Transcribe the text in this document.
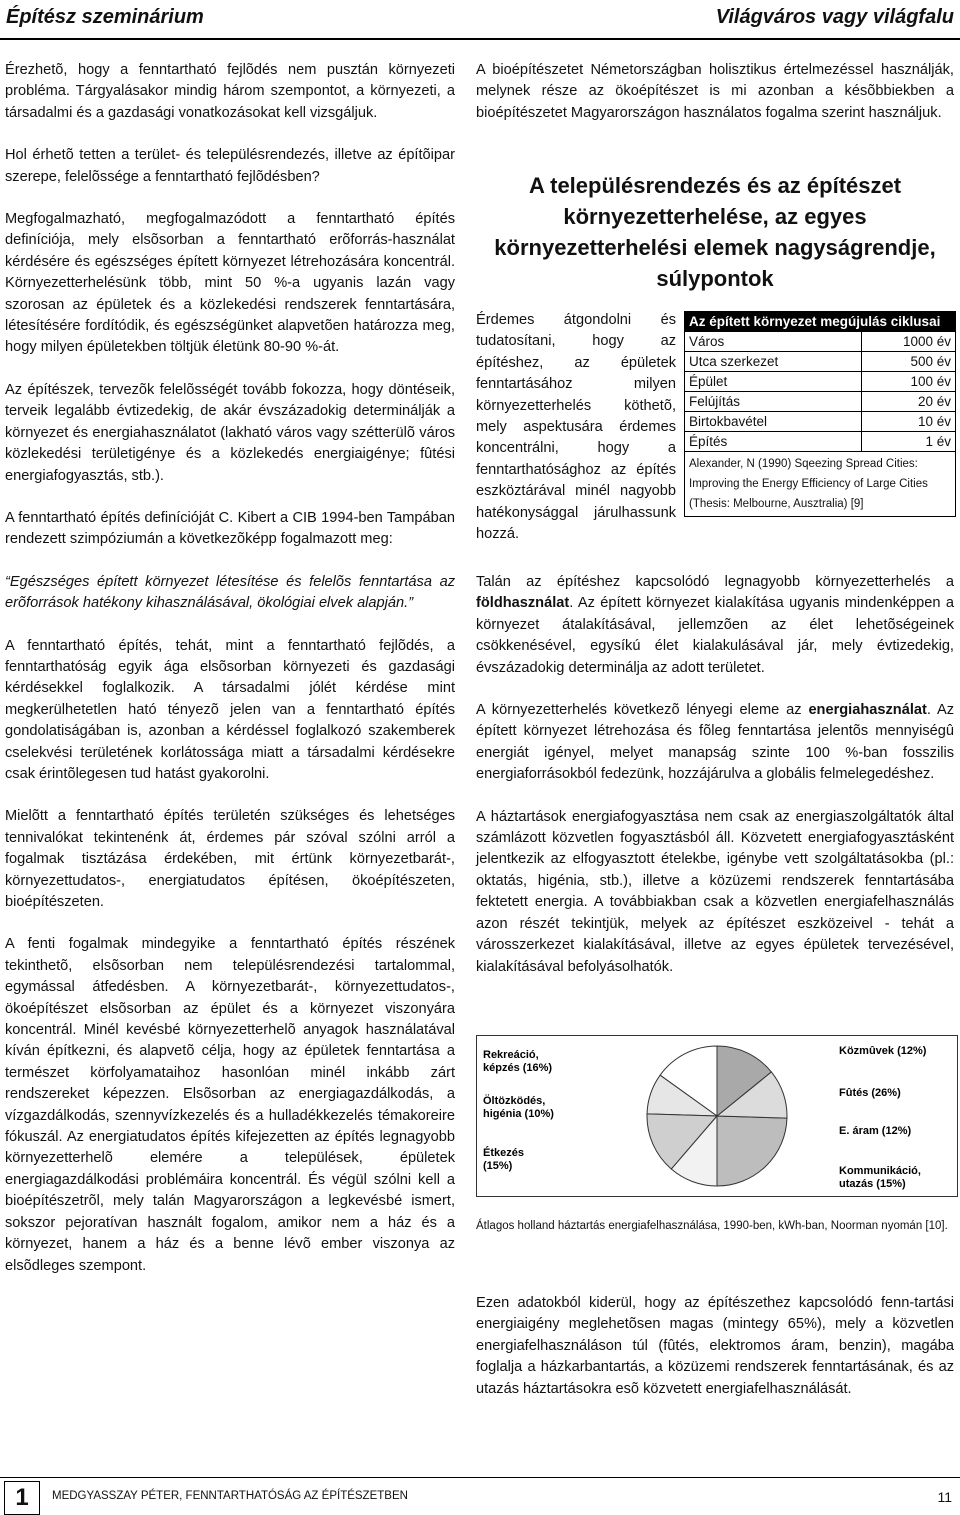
Építész szeminárium	Világváros vagy világfalu

Érezhetõ, hogy a fenntartható fejlõdés nem pusztán környezeti probléma. Tárgyalásakor mindig három szempontot, a környezeti, a társadalmi és a gazdasági vonatkozásokat kell vizsgáljuk.

Hol érhetõ tetten a terület- és településrendezés, illetve az építõipar szerepe, felelõssége a fenntartható fejlõdésben?

Megfogalmazható, megfogalmazódott a fenntartható építés definíciója, mely elsõsorban a fenntartható erõforrás-használat kérdésére és egészséges épített környezet létrehozására koncentrál. Környezetterhelésünk több, mint 50 %-a ugyanis lazán vagy szorosan az épületek és a közlekedési rendszerek fenntartására, létesítésére fordítódik, és egészségünket alapvetõen határozza meg, hogy milyen épületekben töltjük életünk 80-90 %-át.

Az építészek, tervezõk felelõsségét tovább fokozza, hogy döntéseik, terveik legalább évtizedekig, de akár évszázadokig determinálják a környezet és energiahasználatot (lakható város vagy szétterülõ város közlekedési területigénye és a közlekedés energiaigénye; fûtési energiafogyasztás, stb.).

A fenntartható építés definícióját C. Kibert a CIB 1994-ben Tampában rendezett szimpóziumán a következõképp fogalmazott meg:

“Egészséges épített környezet létesítése és felelõs fenntartása az erõforrások hatékony kihasználásával, ökológiai elvek alapján.”

A fenntartható építés, tehát, mint a fenntartható fejlõdés, a fenntarthatóság egyik ága elsõsorban környezeti és gazdasági kérdésekkel foglalkozik. A társadalmi jólét kérdése mint megkerülhetetlen ható tényezõ jelen van a fenntartható építés gondolatiságában is, azonban a kérdéssel foglalkozó szakemberek cselekvési területének korlátossága miatt a társadalmi kérdésekre csak érintõlegesen tud hatást gyakorolni.

Mielõtt a fenntartható építés területén szükséges és lehetséges tennivalókat tekintenénk át, érdemes pár szóval szólni arról a fogalmak tisztázása érdekében, mit értünk környezetbarát-, környezettudatos-, energiatudatos építésen, ökoépítészeten, bioépítészeten.

A fenti fogalmak mindegyike a fenntartható építés részének tekinthetõ, elsõsorban nem településrendezési tartalommal, egymással átfedésben. A környezetbarát-, környezettudatos-, ökoépítészet elsõsorban az épület és a környezet viszonyára koncentrál. Minél kevésbé környezetterhelõ anyagok használatával kíván építkezni, és alapvetõ célja, hogy az épületek fenntartása a természet körfolyamataihoz hasonlóan minél inkább zárt rendszereket képezzen. Elsõsorban az energiagazdálkodás, a vízgazdálkodás, szennyvízkezelés és a hulladékkezelés témakoreire fókuszál. Az energiatudatos építés kifejezetten az építés legnagyobb környezetterhelõ elemére a települések, épületek energiagazdálkodási problémáira koncentrál. És végül szólni kell a bioépítészetrõl, mely talán Magyarországon a legkevésbé ismert, sokszor pejoratívan használt fogalom, amikor nem a ház és a környezet, hanem a ház és a benne lévõ ember viszonya az elsõdleges szempont.

A bioépítészetet Németországban holisztikus értelmezéssel használják, melynek része az ökoépítészet is mi azonban a késõbbiekben a bioépítészetet Magyarországon használatos fogalma szerint használjuk.

A településrendezés és az építészet környezetterhelése, az egyes környezetterhelési elemek nagyságrendje, súlypontok
Érdemes átgondolni és tudatosítani, hogy az építéshez, az épületek fenntartásához milyen környezetterhelés köthetõ, mely aspektusára érdemes koncentrálni, hogy a fenntarthatósághoz az építés eszköztárával minél nagyobb hatékonysággal járulhassunk hozzá.
Az épített környezet megújulás ciklusai	
Város	1000 év
Utca szerkezet	500 év
Épület	100 év
Felújítás	20 év
Birtokbavétel	10 év
Építés	1 év
Alexander, N (1990) Sqeezing Spread Cities: Improving the Energy Efficiency of Large Cities (Thesis: Melbourne, Ausztralia) [9]	

Talán az építéshez kapcsolódó legnagyobb környezetterhelés a földhasználat. Az épített környezet kialakítása ugyanis mindenképpen a környezet átalakításával, jellemzõen az élet lehetõségeinek csökkenésével, egysíkú élet kialakulásával jár, mely évtizedekig, évszázadokig determinálja az adott területet.

A környezetterhelés következõ lényegi eleme az energiahasználat. Az épített környezet létrehozása és fõleg fenntartása jelentõs mennyiségû energiát igényel, melyet manapság szinte 100 %-ban fosszilis energiaforrásokból fedezünk, hozzájárulva a globális felmelegedéshez.

A háztartások energiafogyasztása nem csak az energiaszolgáltatók által számlázott közvetlen fogyasztásból áll. Közvetett energiafogyasztásként jelentkezik az elfogyasztott ételekbe, igénybe vett szolgáltatásokba (pl.: oktatás, higénia, stb.), illetve a közüzemi rendszerek fenntartásába fektetett energia. A továbbiakban csak a közvetlen energiafelhasználás azon részét tekintjük, melyek az építészet eszközeivel - tehát a városszerkezet kialakításával, illetve az egyes épületek tervezésével, kialakításával befolyásolhatók.

Rekreáció, képzés (16%)
Öltözködés, higénia (10%)
Étkezés (15%)
Közmûvek (12%)
Fûtés (26%)
E. áram (12%)
Kommunikáció, utazás (15%)
Átlagos holland háztartás energiafelhasználása, 1990-ben, kWh-ban, Noorman nyomán [10].

Ezen adatokból kiderül, hogy az építészethez kapcsolódó fenn-tartási energiaigény meglehetõsen magas (mintegy 65%), mely a közvetlen energiafelhasználáson túl (fûtés, elektromos áram, benzin), magába foglalja a házkarbantartás, a közüzemi rendszerek fenntartásának, és az utazás háztartásokra esõ közvetett energiafelhasználását.

1	MEDGYASSZAY PÉTER, FENNTARTHATÓSÁG AZ ÉPÍTÉSZETBEN	11
